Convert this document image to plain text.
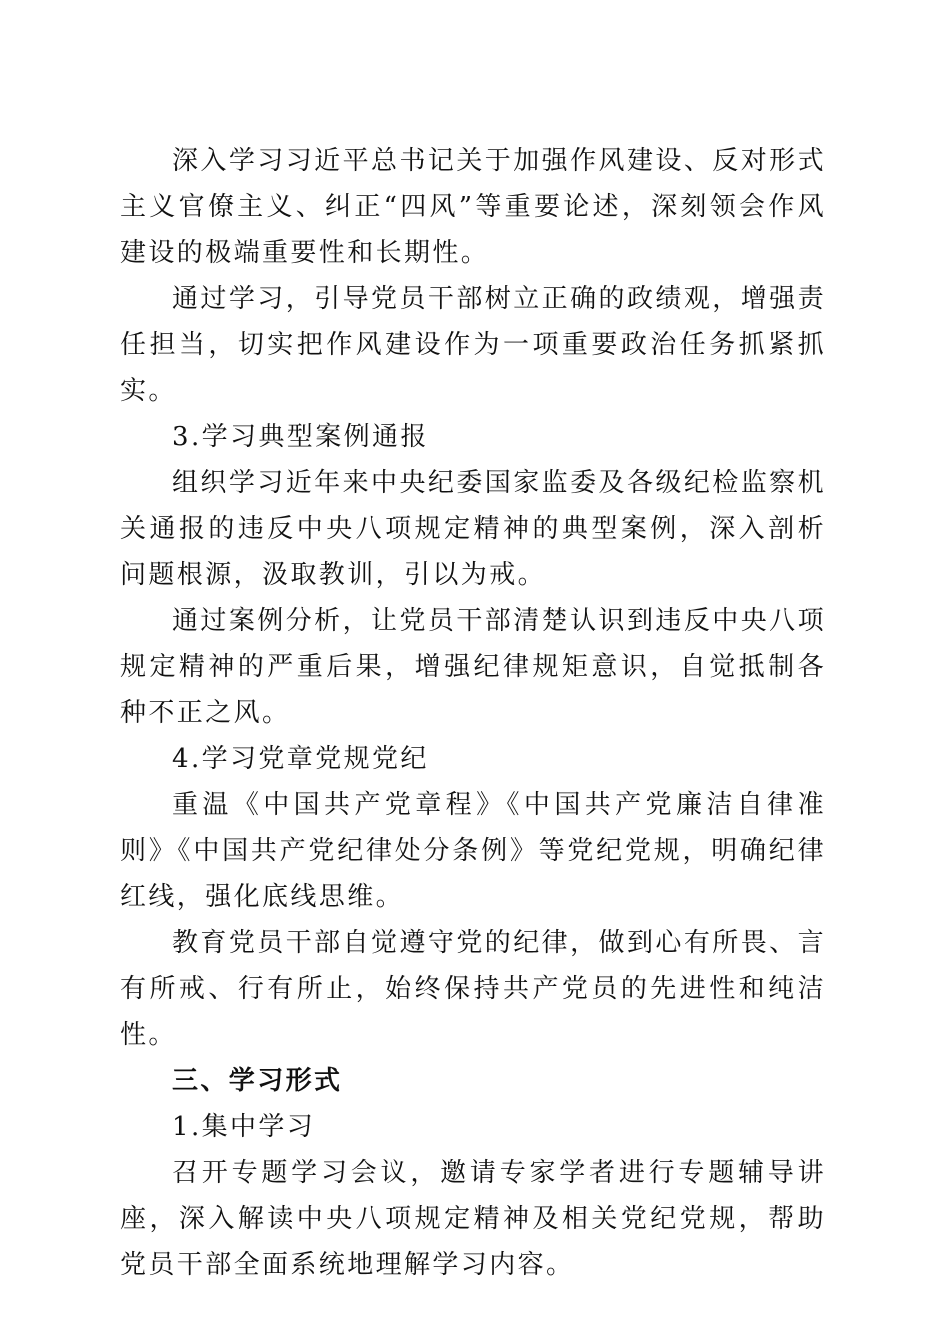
深入学习习近平总书记关于加强作风建设、反对形式主义官僚主义、纠正“四风”等重要论述，深刻领会作风建设的极端重要性和长期性。

通过学习，引导党员干部树立正确的政绩观，增强责任担当，切实把作风建设作为一项重要政治任务抓紧抓实。

3.学习典型案例通报

组织学习近年来中央纪委国家监委及各级纪检监察机关通报的违反中央八项规定精神的典型案例，深入剖析问题根源，汲取教训，引以为戒。

通过案例分析，让党员干部清楚认识到违反中央八项规定精神的严重后果，增强纪律规矩意识，自觉抵制各种不正之风。

4.学习党章党规党纪

重温《中国共产党章程》《中国共产党廉洁自律准则》《中国共产党纪律处分条例》等党纪党规，明确纪律红线，强化底线思维。

教育党员干部自觉遵守党的纪律，做到心有所畏、言有所戒、行有所止，始终保持共产党员的先进性和纯洁性。

三、学习形式

1.集中学习

召开专题学习会议，邀请专家学者进行专题辅导讲座，深入解读中央八项规定精神及相关党纪党规，帮助党员干部全面系统地理解学习内容。
